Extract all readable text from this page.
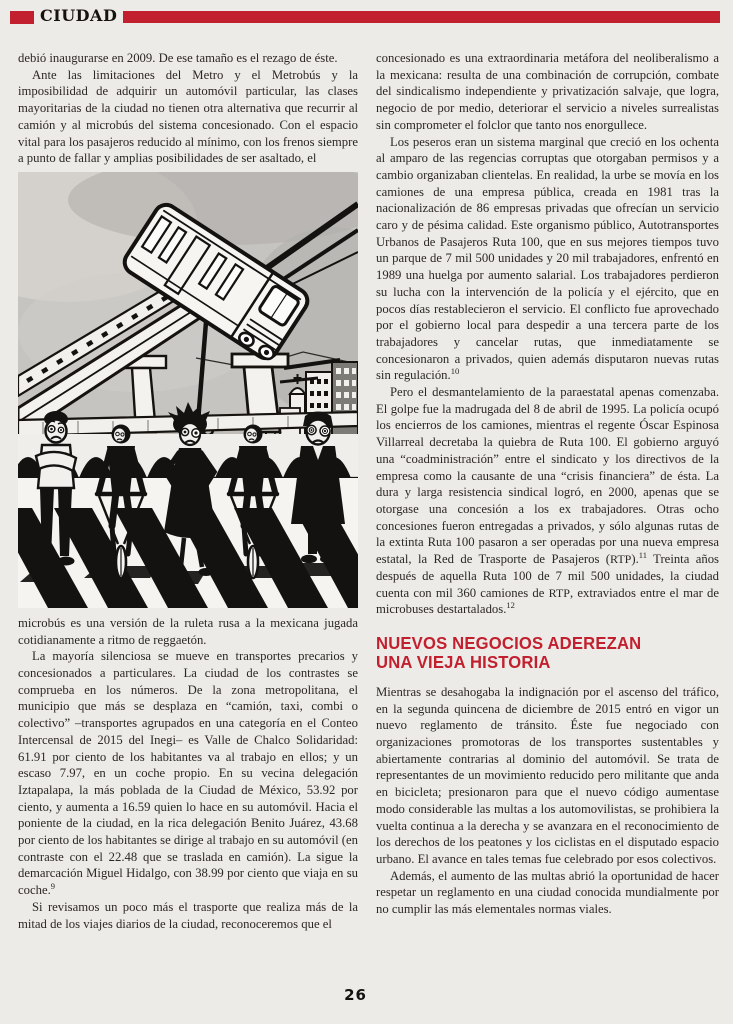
CIUDAD

debió inaugurarse en 2009. De ese tamaño es el rezago de éste.

Ante las limitaciones del Metro y el Metrobús y la imposibilidad de adquirir un automóvil particular, las clases mayoritarias de la ciudad no tienen otra alternativa que recurrir al camión y al microbús del sistema concesionado. Con el espacio vital para los pasajeros reducido al mínimo, con los frenos siempre a punto de fallar y amplias posibilidades de ser asaltado, el

microbús es una versión de la ruleta rusa a la mexicana jugada cotidianamente a ritmo de reggaetón.

La mayoría silenciosa se mueve en transportes precarios y concesionados a particulares. La ciudad de los contrastes se comprueba en los números. De la zona metropolitana, el municipio que más se desplaza en “camión, taxi, combi o colectivo” –transportes agrupados en una categoría en el Conteo Intercensal de 2015 del Inegi– es Valle de Chalco Solidaridad: 61.91 por ciento de los habitantes va al trabajo en ellos; y un escaso 7.97, en un coche propio. En su vecina delegación Iztapalapa, la más poblada de la Ciudad de México, 53.92 por ciento, y aumenta a 16.59 quien lo hace en su automóvil. Hacia el poniente de la ciudad, en la rica delegación Benito Juárez, 43.68 por ciento de los habitantes se dirige al trabajo en su automóvil (en contraste con el 22.48 que se traslada en camión). La sigue la demarcación Miguel Hidalgo, con 38.99 por ciento que viaja en su coche.$^9$

Si revisamos un poco más el trasporte que realiza más de la mitad de los viajes diarios de la ciudad, reconoceremos que el

concesionado es una extraordinaria metáfora del neoliberalismo a la mexicana: resulta de una combinación de corrupción, combate del sindicalismo independiente y privatización salvaje, que logra, negocio de por medio, deteriorar el servicio a niveles surrealistas sin comprometer el folclor que tanto nos enorgullece.

Los peseros eran un sistema marginal que creció en los ochenta al amparo de las regencias corruptas que otorgaban permisos y a cambio organizaban clientelas. En realidad, la urbe se movía en los camiones de una empresa pública, creada en 1981 tras la nacionalización de 86 empresas privadas que ofrecían un servicio caro y de pésima calidad. Este organismo público, Autotransportes Urbanos de Pasajeros Ruta 100, que en sus mejores tiempos tuvo un parque de 7 mil 500 unidades y 20 mil trabajadores, enfrentó en 1989 una huelga por aumento salarial. Los trabajadores perdieron su lucha con la intervención de la policía y el ejército, que en pocos días restablecieron el servicio. El conflicto fue aprovechado por el gobierno local para despedir a una tercera parte de los trabajadores y cancelar rutas, que inmediatamente se concesionaron a privados, quien además disputaron nuevas rutas sin regulación.$^{10}$

Pero el desmantelamiento de la paraestatal apenas comenzaba. El golpe fue la madrugada del 8 de abril de 1995. La policía ocupó los encierros de los camiones, mientras el regente Óscar Espinosa Villarreal decretaba la quiebra de Ruta 100. El gobierno arguyó una “coadministración” entre el sindicato y los directivos de la empresa como la causante de una “crisis financiera” de ésta. La dura y larga resistencia sindical logró, en 2000, apenas que se otorgase una concesión a los ex trabajadores. Otras ocho concesiones fueron entregadas a privados, y sólo algunas rutas de la extinta Ruta 100 pasaron a ser operadas por una nueva empresa estatal, la Red de Trasporte de Pasajeros (RTP).$^{11}$ Treinta años después de aquella Ruta 100 de 7 mil 500 unidades, la ciudad cuenta con mil 360 camiones de RTP, extraviados entre el mar de microbuses destartalados.$^{12}$

NUEVOS NEGOCIOS ADEREZAN
UNA VIEJA HISTORIA

Mientras se desahogaba la indignación por el ascenso del tráfico, en la segunda quincena de diciembre de 2015 entró en vigor un nuevo reglamento de tránsito. Éste fue negociado con organizaciones promotoras de los transportes sustentables y abiertamente contrarias al dominio del automóvil. Se trata de representantes de un movimiento reducido pero militante que anda en bicicleta; presionaron para que el nuevo código aumentase modo considerable las multas a los automovilistas, se prohibiera la vuelta continua a la derecha y se avanzara en el reconocimiento de los derechos de los peatones y los ciclistas en el disputado espacio urbano. El avance en tales temas fue celebrado por esos colectivos.

Además, el aumento de las multas abrió la oportunidad de hacer respetar un reglamento en una ciudad conocida mundialmente por no cumplir las más elementales normas viales.

26
